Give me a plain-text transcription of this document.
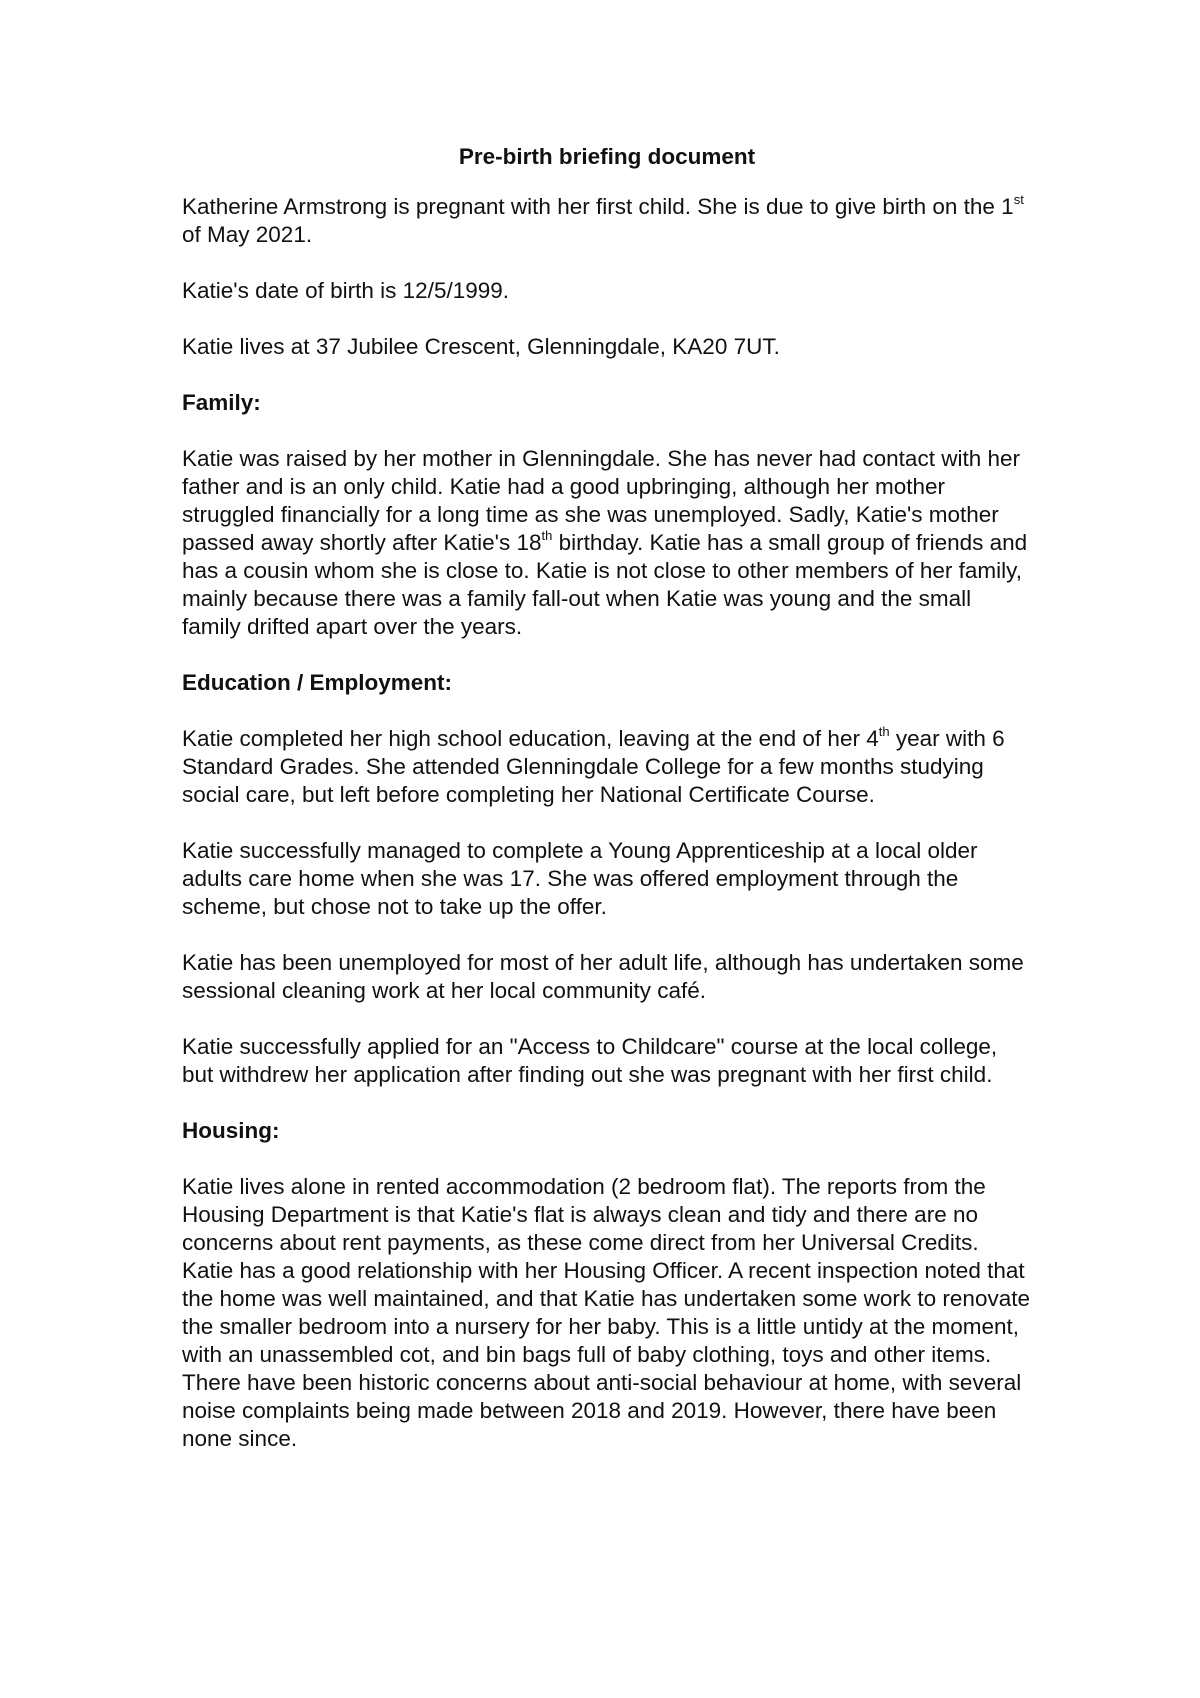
Pre-birth briefing document

Katherine Armstrong is pregnant with her first child. She is due to give birth on the 1st of May 2021.

Katie's date of birth is 12/5/1999.

Katie lives at 37 Jubilee Crescent, Glenningdale, KA20 7UT.

Family:

Katie was raised by her mother in Glenningdale. She has never had contact with her father and is an only child. Katie had a good upbringing, although her mother struggled financially for a long time as she was unemployed. Sadly, Katie's mother passed away shortly after Katie's 18th birthday. Katie has a small group of friends and has a cousin whom she is close to. Katie is not close to other members of her family, mainly because there was a family fall-out when Katie was young and the small family drifted apart over the years.

Education / Employment:

Katie completed her high school education, leaving at the end of her 4th year with 6 Standard Grades. She attended Glenningdale College for a few months studying social care, but left before completing her National Certificate Course.

Katie successfully managed to complete a Young Apprenticeship at a local older adults care home when she was 17. She was offered employment through the scheme, but chose not to take up the offer.

Katie has been unemployed for most of her adult life, although has undertaken some sessional cleaning work at her local community café.

Katie successfully applied for an "Access to Childcare" course at the local college, but withdrew her application after finding out she was pregnant with her first child.

Housing:

Katie lives alone in rented accommodation (2 bedroom flat). The reports from the Housing Department is that Katie's flat is always clean and tidy and there are no concerns about rent payments, as these come direct from her Universal Credits. Katie has a good relationship with her Housing Officer. A recent inspection noted that the home was well maintained, and that Katie has undertaken some work to renovate the smaller bedroom into a nursery for her baby. This is a little untidy at the moment, with an unassembled cot, and bin bags full of baby clothing, toys and other items. There have been historic concerns about anti-social behaviour at home, with several noise complaints being made between 2018 and 2019. However, there have been none since.
